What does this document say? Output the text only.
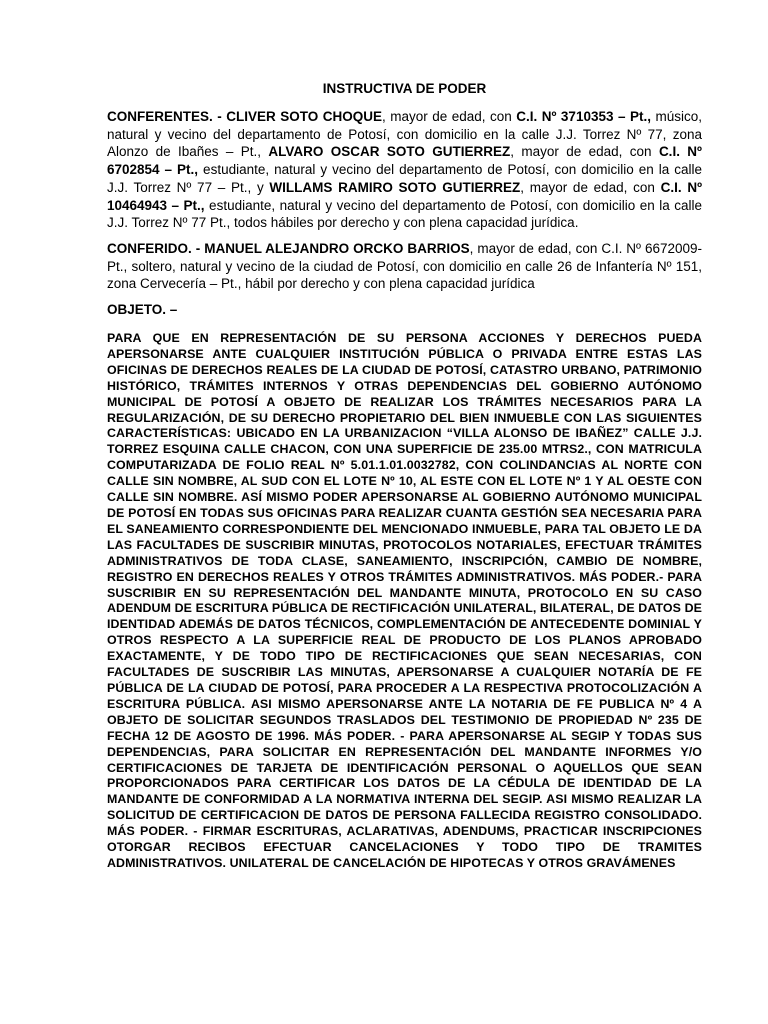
INSTRUCTIVA DE PODER

CONFERENTES. - CLIVER SOTO CHOQUE, mayor de edad, con C.I. Nº 3710353 – Pt., músico, natural y vecino del departamento de Potosí, con domicilio en la calle J.J. Torrez Nº 77, zona Alonzo de Ibañes – Pt., ALVARO OSCAR SOTO GUTIERREZ, mayor de edad, con C.I. Nº 6702854 – Pt., estudiante, natural y vecino del departamento de Potosí, con domicilio en la calle J.J. Torrez Nº 77 – Pt., y WILLAMS RAMIRO SOTO GUTIERREZ, mayor de edad, con C.I. Nº 10464943 – Pt., estudiante, natural y vecino del departamento de Potosí, con domicilio en la calle J.J. Torrez Nº 77 Pt., todos hábiles por derecho y con plena capacidad jurídica.

CONFERIDO. - MANUEL ALEJANDRO ORCKO BARRIOS, mayor de edad, con C.I. Nº 6672009-Pt., soltero, natural y vecino de la ciudad de Potosí, con domicilio en calle 26 de Infantería Nº 151, zona Cervecería – Pt., hábil por derecho y con plena capacidad jurídica

OBJETO. –

PARA QUE EN REPRESENTACIÓN DE SU PERSONA ACCIONES Y DERECHOS PUEDA APERSONARSE ANTE CUALQUIER INSTITUCIÓN PÚBLICA O PRIVADA ENTRE ESTAS LAS OFICINAS DE DERECHOS REALES DE LA CIUDAD DE POTOSÍ, CATASTRO URBANO, PATRIMONIO HISTÓRICO, TRÁMITES INTERNOS Y OTRAS DEPENDENCIAS DEL GOBIERNO AUTÓNOMO MUNICIPAL DE POTOSÍ A OBJETO DE REALIZAR LOS TRÁMITES NECESARIOS PARA LA REGULARIZACIÓN, DE SU DERECHO PROPIETARIO DEL BIEN INMUEBLE CON LAS SIGUIENTES CARACTERÍSTICAS: UBICADO EN LA URBANIZACION “VILLA ALONSO DE IBAÑEZ” CALLE J.J. TORREZ ESQUINA CALLE CHACON, CON UNA SUPERFICIE DE 235.00 MTRS2., CON MATRICULA COMPUTARIZADA DE FOLIO REAL Nº 5.01.1.01.0032782, CON COLINDANCIAS AL NORTE CON CALLE SIN NOMBRE, AL SUD CON EL LOTE Nº 10, AL ESTE CON EL LOTE Nº 1 Y AL OESTE CON CALLE SIN NOMBRE. ASÍ MISMO PODER APERSONARSE AL GOBIERNO AUTÓNOMO MUNICIPAL DE POTOSÍ EN TODAS SUS OFICINAS PARA REALIZAR CUANTA GESTIÓN SEA NECESARIA PARA EL SANEAMIENTO CORRESPONDIENTE DEL MENCIONADO INMUEBLE, PARA TAL OBJETO LE DA LAS FACULTADES DE SUSCRIBIR MINUTAS, PROTOCOLOS NOTARIALES, EFECTUAR TRÁMITES ADMINISTRATIVOS DE TODA CLASE, SANEAMIENTO, INSCRIPCIÓN, CAMBIO DE NOMBRE, REGISTRO EN DERECHOS REALES Y OTROS TRÁMITES ADMINISTRATIVOS. MÁS PODER.- PARA SUSCRIBIR EN SU REPRESENTACIÓN DEL MANDANTE MINUTA, PROTOCOLO EN SU CASO ADENDUM DE ESCRITURA PÚBLICA DE RECTIFICACIÓN UNILATERAL, BILATERAL, DE DATOS DE IDENTIDAD ADEMÁS DE DATOS TÉCNICOS, COMPLEMENTACIÓN DE ANTECEDENTE DOMINIAL Y OTROS RESPECTO A LA SUPERFICIE REAL DE PRODUCTO DE LOS PLANOS APROBADO EXACTAMENTE, Y DE TODO TIPO DE RECTIFICACIONES QUE SEAN NECESARIAS, CON FACULTADES DE SUSCRIBIR LAS MINUTAS, APERSONARSE A CUALQUIER NOTARÍA DE FE PÚBLICA DE LA CIUDAD DE POTOSÍ, PARA PROCEDER A LA RESPECTIVA PROTOCOLIZACIÓN A ESCRITURA PÚBLICA. ASI MISMO APERSONARSE ANTE LA NOTARIA DE FE PUBLICA Nº 4 A OBJETO DE SOLICITAR SEGUNDOS TRASLADOS DEL TESTIMONIO DE PROPIEDAD Nº 235 DE FECHA 12 DE AGOSTO DE 1996. MÁS PODER. - PARA APERSONARSE AL SEGIP Y TODAS SUS DEPENDENCIAS, PARA SOLICITAR EN REPRESENTACIÓN DEL MANDANTE INFORMES Y/O CERTIFICACIONES DE TARJETA DE IDENTIFICACIÓN PERSONAL O AQUELLOS QUE SEAN PROPORCIONADOS PARA CERTIFICAR LOS DATOS DE LA CÉDULA DE IDENTIDAD DE LA MANDANTE DE CONFORMIDAD A LA NORMATIVA INTERNA DEL SEGIP. ASI MISMO REALIZAR LA SOLICITUD DE CERTIFICACION DE DATOS DE PERSONA FALLECIDA REGISTRO CONSOLIDADO. MÁS PODER. - FIRMAR ESCRITURAS, ACLARATIVAS, ADENDUMS, PRACTICAR INSCRIPCIONES OTORGAR RECIBOS EFECTUAR CANCELACIONES Y TODO TIPO DE TRAMITES ADMINISTRATIVOS. UNILATERAL DE CANCELACIÓN DE HIPOTECAS Y OTROS GRAVÁMENES
